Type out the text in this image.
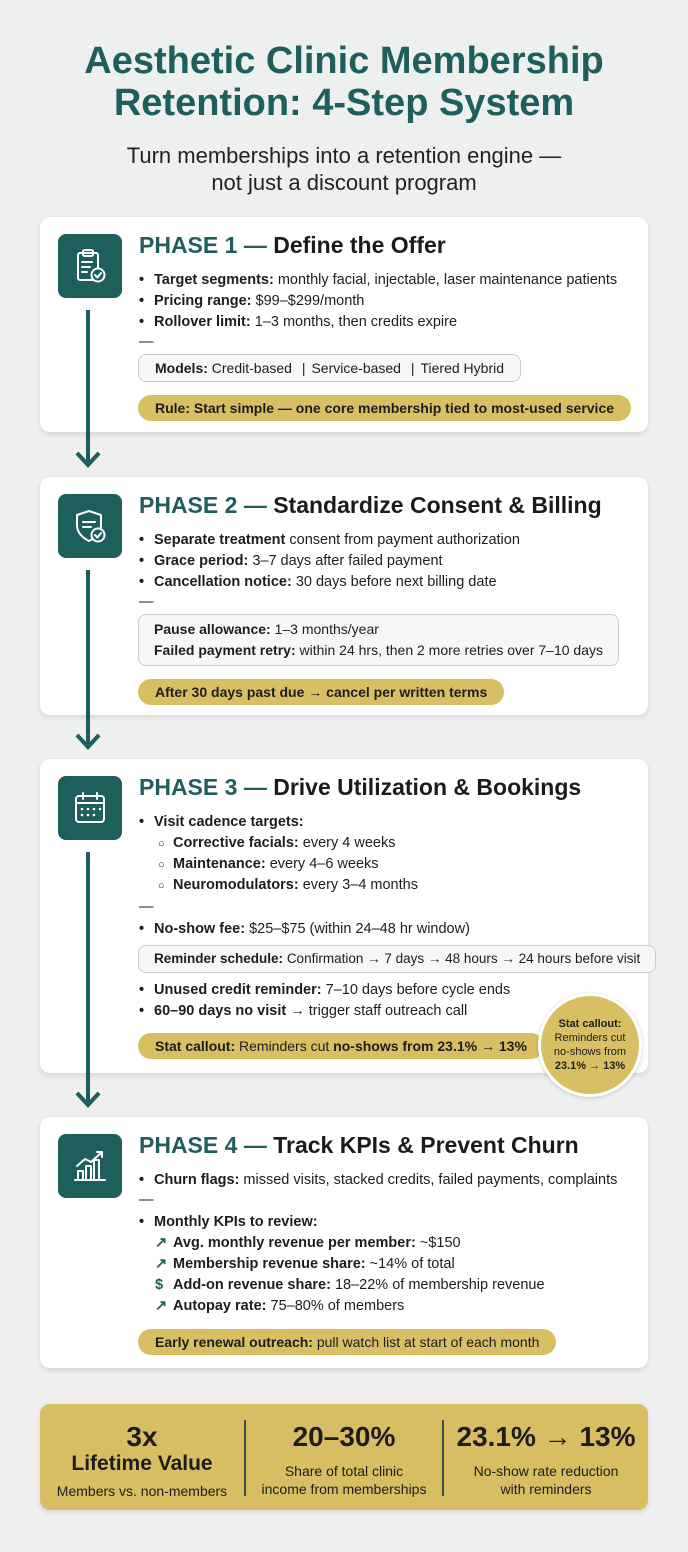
Aesthetic Clinic Membership
Retention: 4-Step System
Turn memberships into a retention engine —
not just a discount program
PHASE 1 — Define the Offer
• Target segments: monthly facial, injectable, laser maintenance patients
• Pricing range: $99–$299/month
• Rollover limit: 1–3 months, then credits expire
—
Models: Credit-based | Service-based | Tiered Hybrid
Rule: Start simple — one core membership tied to most-used service
PHASE 2 — Standardize Consent & Billing
• Separate treatment consent from payment authorization
• Grace period: 3–7 days after failed payment
• Cancellation notice: 30 days before next billing date
—
Pause allowance: 1–3 months/year
Failed payment retry: within 24 hrs, then 2 more retries over 7–10 days
After 30 days past due → cancel per written terms
PHASE 3 — Drive Utilization & Bookings
• Visit cadence targets:
○ Corrective facials: every 4 weeks
○ Maintenance: every 4–6 weeks
○ Neuromodulators: every 3–4 months
—
• No-show fee: $25–$75 (within 24–48 hr window)
Reminder schedule: Confirmation → 7 days → 48 hours → 24 hours before visit
• Unused credit reminder: 7–10 days before cycle ends
• 60–90 days no visit → trigger staff outreach call
Stat callout: Reminders cut no-shows from 23.1% → 13%
Stat callout:
Reminders cut
no-shows from
23.1% → 13%
PHASE 4 — Track KPIs & Prevent Churn
• Churn flags: missed visits, stacked credits, failed payments, complaints
—
• Monthly KPIs to review:
↗ Avg. monthly revenue per member: ~$150
↗ Membership revenue share: ~14% of total
$ Add-on revenue share: 18–22% of membership revenue
↗ Autopay rate: 75–80% of members
Early renewal outreach: pull watch list at start of each month
3x
Lifetime Value
Members vs. non-members
20–30%
Share of total clinic
income from memberships
23.1% → 13%
No-show rate reduction
with reminders
